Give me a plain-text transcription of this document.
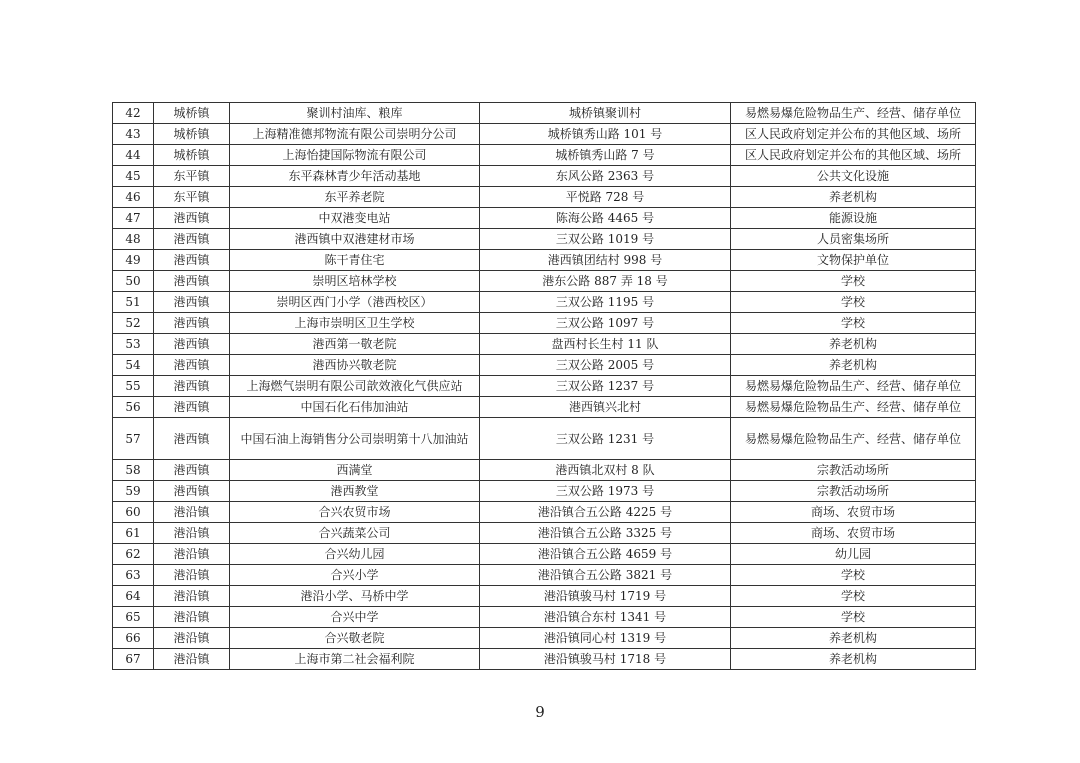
42	城桥镇	聚训村油库、粮库	城桥镇聚训村	易燃易爆危险物品生产、经营、储存单位
43	城桥镇	上海精准德邦物流有限公司崇明分公司	城桥镇秀山路 101 号	区人民政府划定并公布的其他区域、场所
44	城桥镇	上海怡捷国际物流有限公司	城桥镇秀山路 7 号	区人民政府划定并公布的其他区域、场所
45	东平镇	东平森林青少年活动基地	东风公路 2363 号	公共文化设施
46	东平镇	东平养老院	平悦路 728 号	养老机构
47	港西镇	中双港变电站	陈海公路 4465 号	能源设施
48	港西镇	港西镇中双港建材市场	三双公路 1019 号	人员密集场所
49	港西镇	陈干青住宅	港西镇团结村 998 号	文物保护单位
50	港西镇	崇明区培林学校	港东公路 887 弄 18 号	学校
51	港西镇	崇明区西门小学（港西校区）	三双公路 1195 号	学校
52	港西镇	上海市崇明区卫生学校	三双公路 1097 号	学校
53	港西镇	港西第一敬老院	盘西村长生村 11 队	养老机构
54	港西镇	港西协兴敬老院	三双公路 2005 号	养老机构
55	港西镇	上海燃气崇明有限公司歆效液化气供应站	三双公路 1237 号	易燃易爆危险物品生产、经营、储存单位
56	港西镇	中国石化石伟加油站	港西镇兴北村	易燃易爆危险物品生产、经营、储存单位
57	港西镇	中国石油上海销售分公司崇明第十八加油站	三双公路 1231 号	易燃易爆危险物品生产、经营、储存单位
58	港西镇	西满堂	港西镇北双村 8 队	宗教活动场所
59	港西镇	港西教堂	三双公路 1973 号	宗教活动场所
60	港沿镇	合兴农贸市场	港沿镇合五公路 4225 号	商场、农贸市场
61	港沿镇	合兴蔬菜公司	港沿镇合五公路 3325 号	商场、农贸市场
62	港沿镇	合兴幼儿园	港沿镇合五公路 4659 号	幼儿园
63	港沿镇	合兴小学	港沿镇合五公路 3821 号	学校
64	港沿镇	港沿小学、马桥中学	港沿镇骏马村 1719 号	学校
65	港沿镇	合兴中学	港沿镇合东村 1341 号	学校
66	港沿镇	合兴敬老院	港沿镇同心村 1319 号	养老机构
67	港沿镇	上海市第二社会福利院	港沿镇骏马村 1718 号	养老机构
9
